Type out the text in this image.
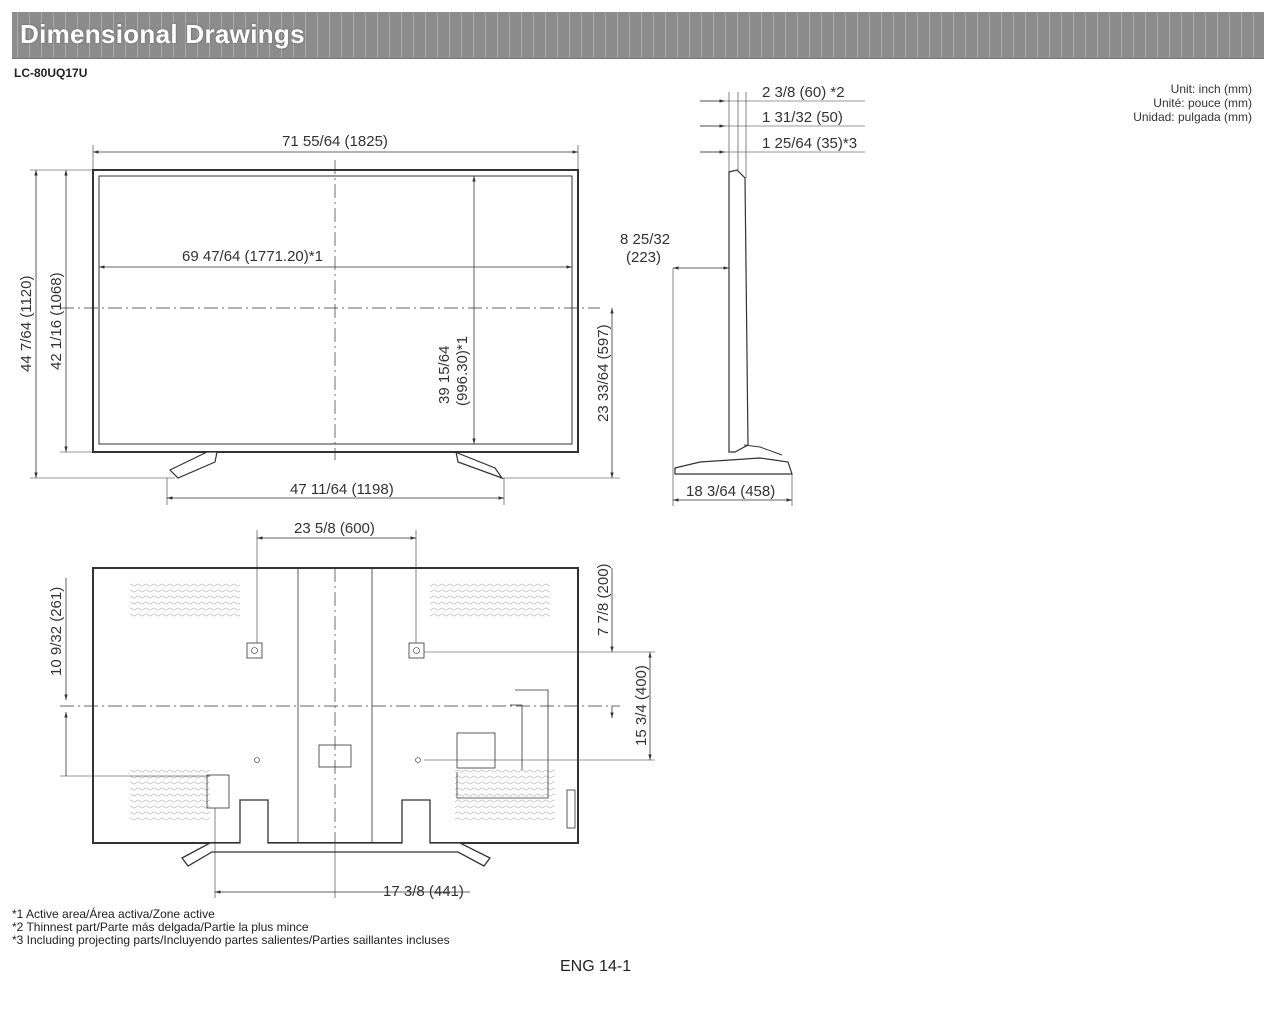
Dimensional Drawings
LC-80UQ17U
Unit: inch (mm)
Unité: pouce (mm)
Unidad: pulgada (mm)
71 55/64 (1825)
69 47/64 (1771.20)*1
44 7/64 (1120) 42 1/16 (1068)
39 15/64 (996.30)*1	23 33/64 (597)
47 11/64 (1198)
2 3/8 (60) *2
1 31/32 (50)
1 25/64 (35)*3
8 25/32
(223)
18 3/64 (458)
23 5/8 (600)
7 7/8 (200)
15 3/4 (400)
10 9/32 (261)
17 3/8 (441)
*1 Active area/Área activa/Zone active
*2 Thinnest part/Parte más delgada/Partie la plus mince
*3 Including projecting parts/Incluyendo partes salientes/Parties saillantes incluses
ENG 14-1
